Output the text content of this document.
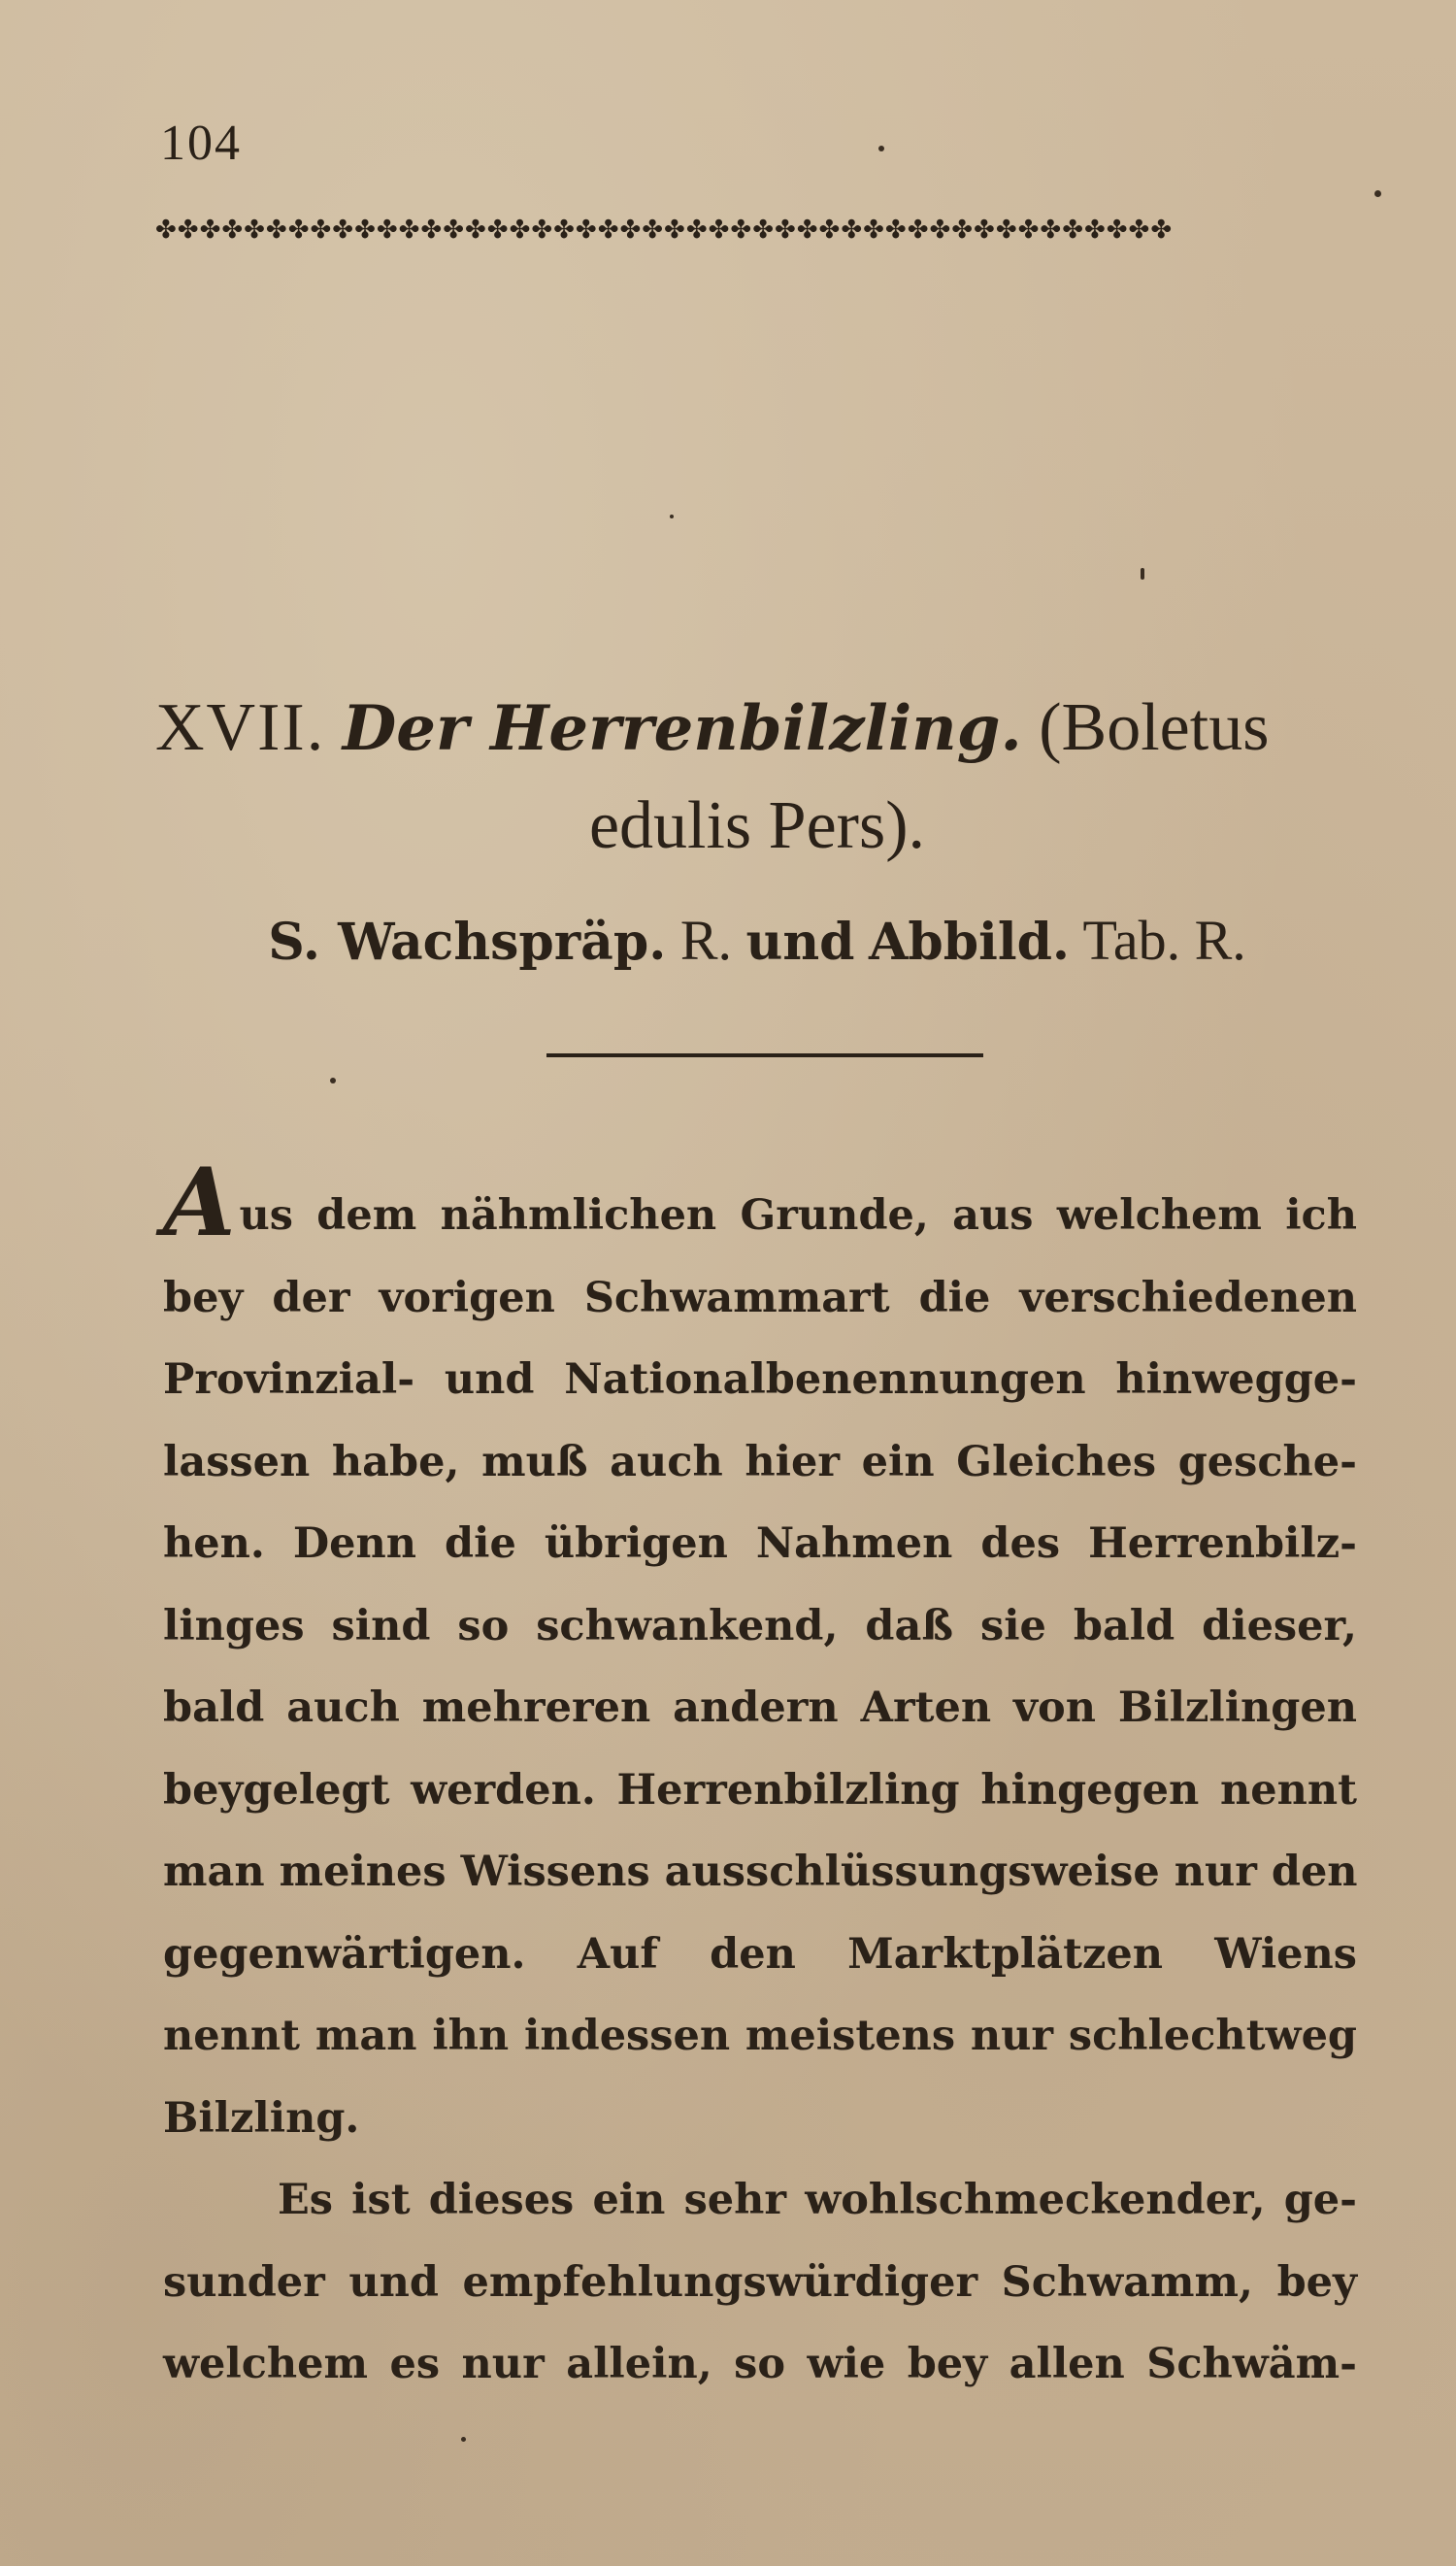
104
✤✤✤✤✤✤✤✤✤✤✤✤✤✤✤✤✤✤✤✤✤✤✤✤✤✤✤✤✤✤✤✤✤✤✤✤✤✤✤✤✤✤✤✤✤✤
XVII. Der Herrenbilzling. (Boletus
edulis Pers).
S. Wachspräp. R. und Abbild. Tab. R.
Aus dem nähmlichen Grunde, aus welchem ich
bey der vorigen Schwammart die verschiedenen
Provinzial- und Nationalbenennungen hinwegge-
lassen habe, muß auch hier ein Gleiches gesche-
hen. Denn die übrigen Nahmen des Herrenbilz-
linges sind so schwankend, daß sie bald dieser,
bald auch mehreren andern Arten von Bilzlingen
beygelegt werden. Herrenbilzling hingegen nennt
man meines Wissens ausschlüssungsweise nur den
gegenwärtigen. Auf den Marktplätzen Wiens
nennt man ihn indessen meistens nur schlechtweg
Bilzling.
Es ist dieses ein sehr wohlschmeckender, ge-
sunder und empfehlungswürdiger Schwamm, bey
welchem es nur allein, so wie bey allen Schwäm-
